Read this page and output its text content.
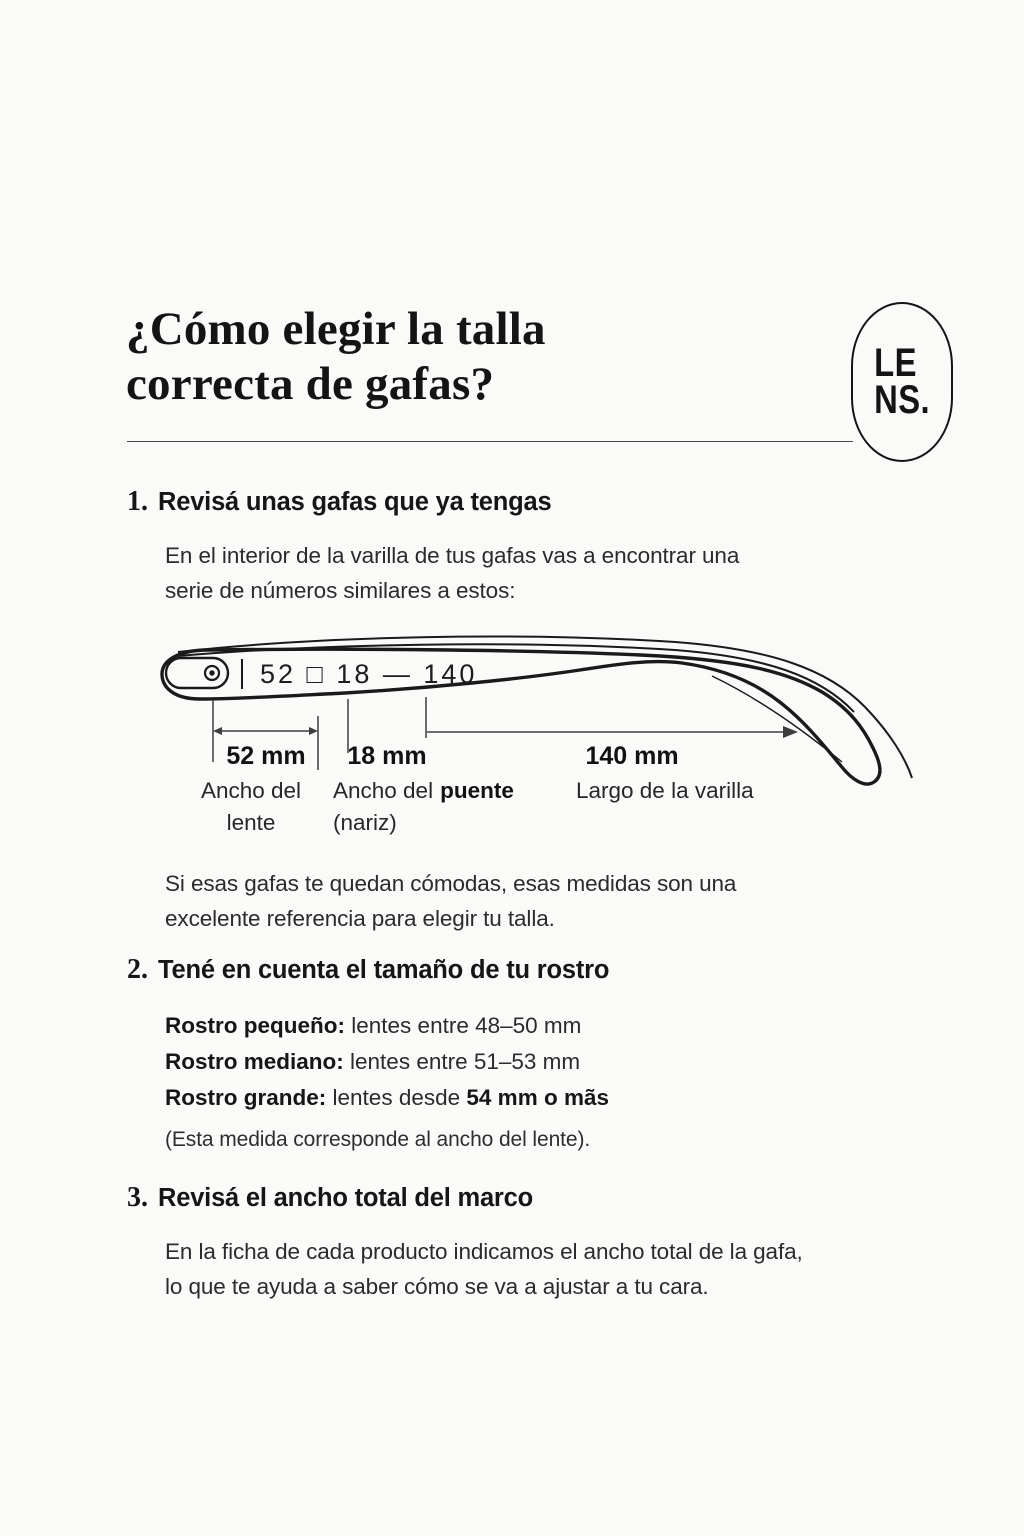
¿Cómo elegir la talla
correcta de gafas?	LE
NS.
1. Revisá unas gafas que ya tengas
En el interior de la varilla de tus gafas vas a encontrar una
serie de números similares a estos:
52 □ 18 — 140
52 mm 18 mm	140 mm
Ancho del
lente
Ancho del puente
(nariz)
Largo de la varilla
Si esas gafas te quedan cómodas, esas medidas son una
excelente referencia para elegir tu talla.
2. Tené en cuenta el tamaño de tu rostro
Rostro pequeño: lentes entre 48–50 mm
Rostro mediano: lentes entre 51–53 mm
Rostro grande: lentes desde 54 mm o mãs
(Esta medida corresponde al ancho del lente).
3. Revisá el ancho total del marco
En la ficha de cada producto indicamos el ancho total de la gafa,
lo que te ayuda a saber cómo se va a ajustar a tu cara.
